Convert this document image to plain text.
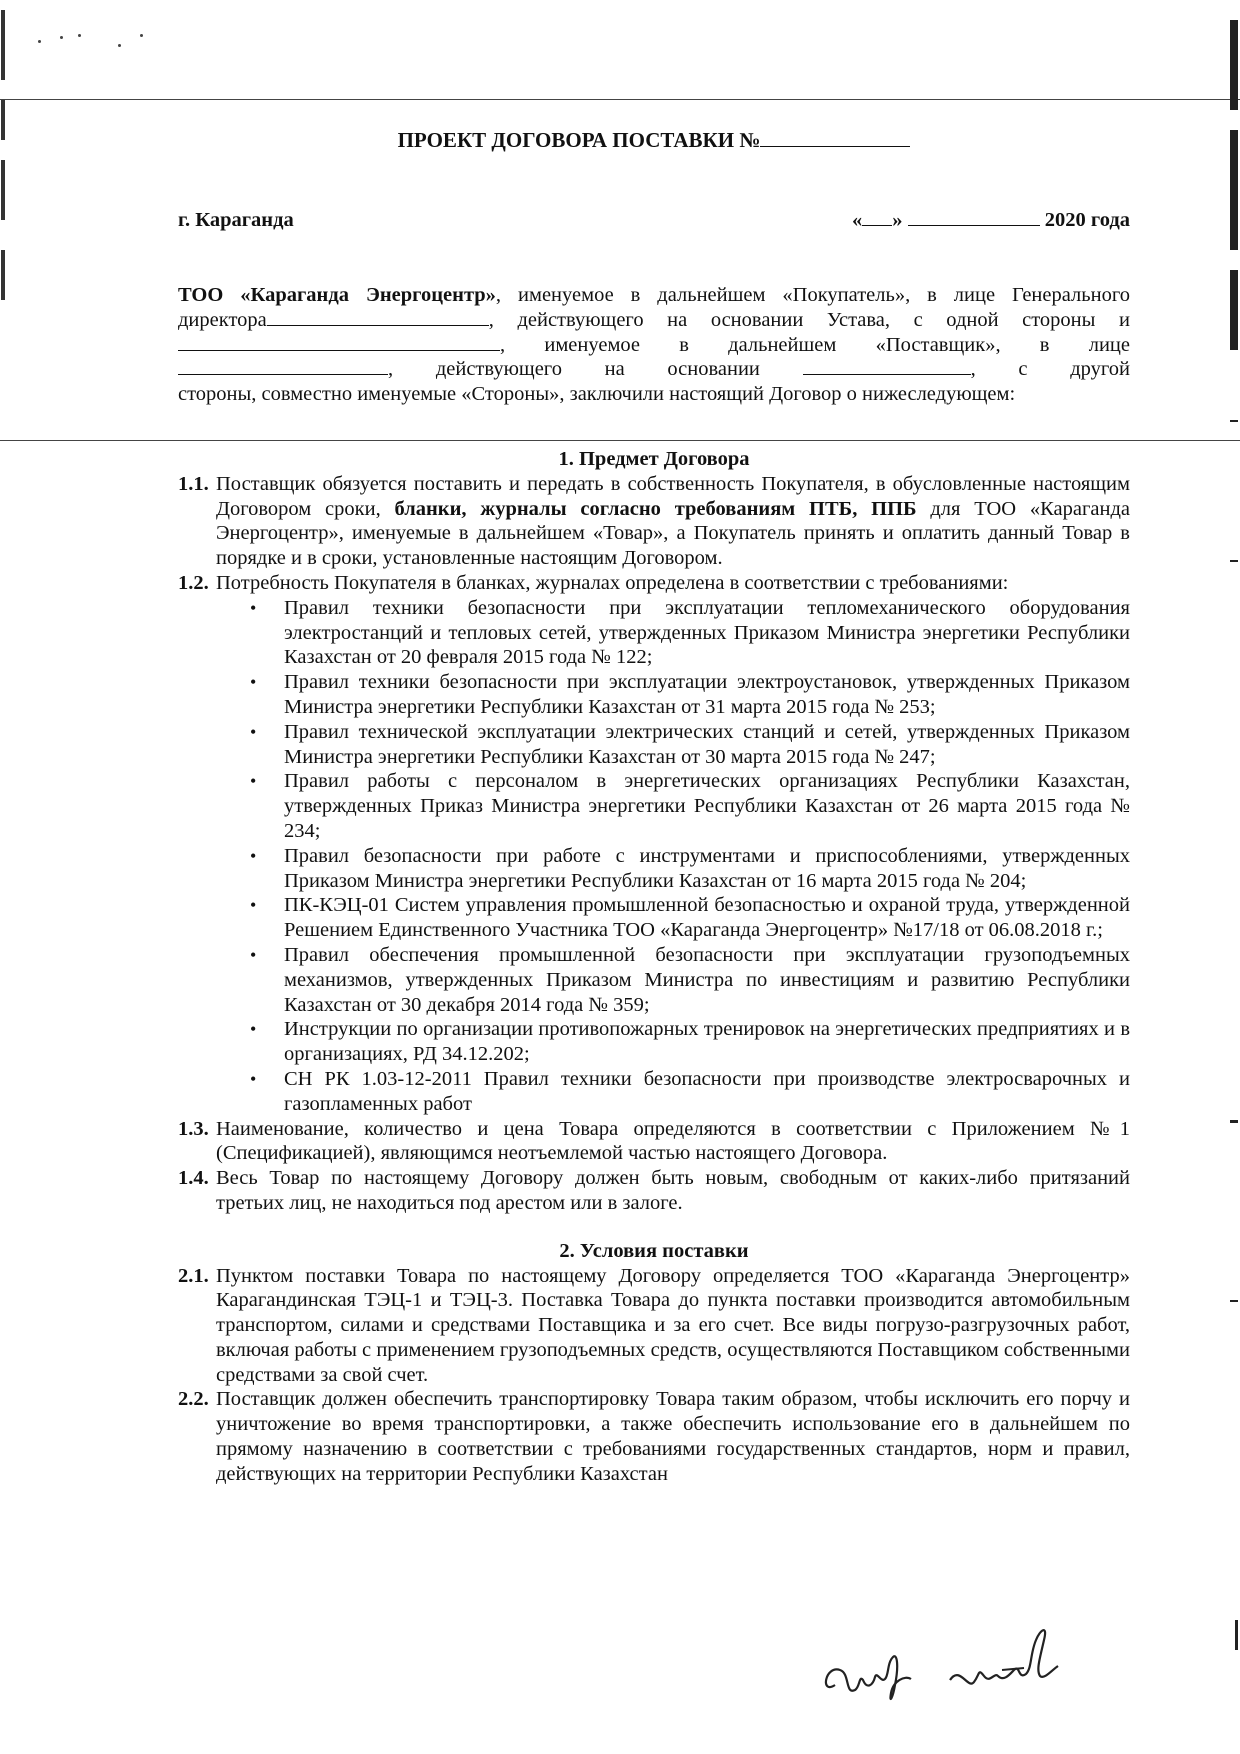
ПРОЕКТ ДОГОВОРА ПОСТАВКИ №
г. Караганда	« »	2020 года

ТОО «Караганда Энергоцентр», именуемое в дальнейшем «Покупатель», в лице Генерального

директора	, действующего на основании Устава, с одной стороны и

, именуемое в дальнейшем «Поставщик», в лице

, действующего на основании	, с другой

стороны, совместно именуемые «Стороны», заключили настоящий Договор о нижеследующем:

1. Предмет Договора
1.1. Поставщик обязуется поставить и передать в собственность Покупателя, в обусловленные настоящим Договором сроки, бланки, журналы согласно требованиям ПТБ, ППБ для ТОО «Караганда Энергоцентр», именуемые в дальнейшем «Товар», а Покупатель принять и оплатить данный Товар в порядке и в сроки, установленные настоящим Договором.
1.2. Потребность Покупателя в бланках, журналах определена в соответствии с требованиями:
•	Правил техники безопасности при эксплуатации тепломеханического оборудования электростанций и тепловых сетей, утвержденных Приказом Министра энергетики Республики Казахстан от 20 февраля 2015 года № 122;
•	Правил техники безопасности при эксплуатации электроустановок, утвержденных Приказом Министра энергетики Республики Казахстан от 31 марта 2015 года № 253;
•	Правил технической эксплуатации электрических станций и сетей, утвержденных Приказом Министра энергетики Республики Казахстан от 30 марта 2015 года № 247;
•	Правил работы с персоналом в энергетических организациях Республики Казахстан, утвержденных Приказ Министра энергетики Республики Казахстан от 26 марта 2015 года № 234;
•	Правил безопасности при работе с инструментами и приспособлениями, утвержденных Приказом Министра энергетики Республики Казахстан от 16 марта 2015 года № 204;
•	ПК-КЭЦ-01 Систем управления промышленной безопасностью и охраной труда, утвержденной Решением Единственного Участника ТОО «Караганда Энергоцентр» №17/18 от 06.08.2018 г.;
•	Правил обеспечения промышленной безопасности при эксплуатации грузоподъемных механизмов, утвержденных Приказом Министра по инвестициям и развитию Республики Казахстан от 30 декабря 2014 года № 359;
•	Инструкции по организации противопожарных тренировок на энергетических предприятиях и в организациях, РД 34.12.202;
•	СН РК 1.03-12-2011 Правил техники безопасности при производстве электросварочных и газопламенных работ
1.3. Наименование, количество и цена Товара определяются в соответствии с Приложением №1 (Спецификацией), являющимся неотъемлемой частью настоящего Договора.
1.4. Весь Товар по настоящему Договору должен быть новым, свободным от каких-либо притязаний третьих лиц, не находиться под арестом или в залоге.
2. Условия поставки
2.1. Пунктом поставки Товара по настоящему Договору определяется ТОО «Караганда Энергоцентр» Карагандинская ТЭЦ-1 и ТЭЦ-3. Поставка Товара до пункта поставки производится автомобильным транспортом, силами и средствами Поставщика и за его счет. Все виды погрузо-разгрузочных работ, включая работы с применением грузоподъемных средств, осуществляются Поставщиком собственными средствами за свой счет.
2.2. Поставщик должен обеспечить транспортировку Товара таким образом, чтобы исключить его порчу и уничтожение во время транспортировки, а также обеспечить использование его в дальнейшем по прямому назначению в соответствии с требованиями государственных стандартов, норм и правил, действующих на территории Республики Казахстан
